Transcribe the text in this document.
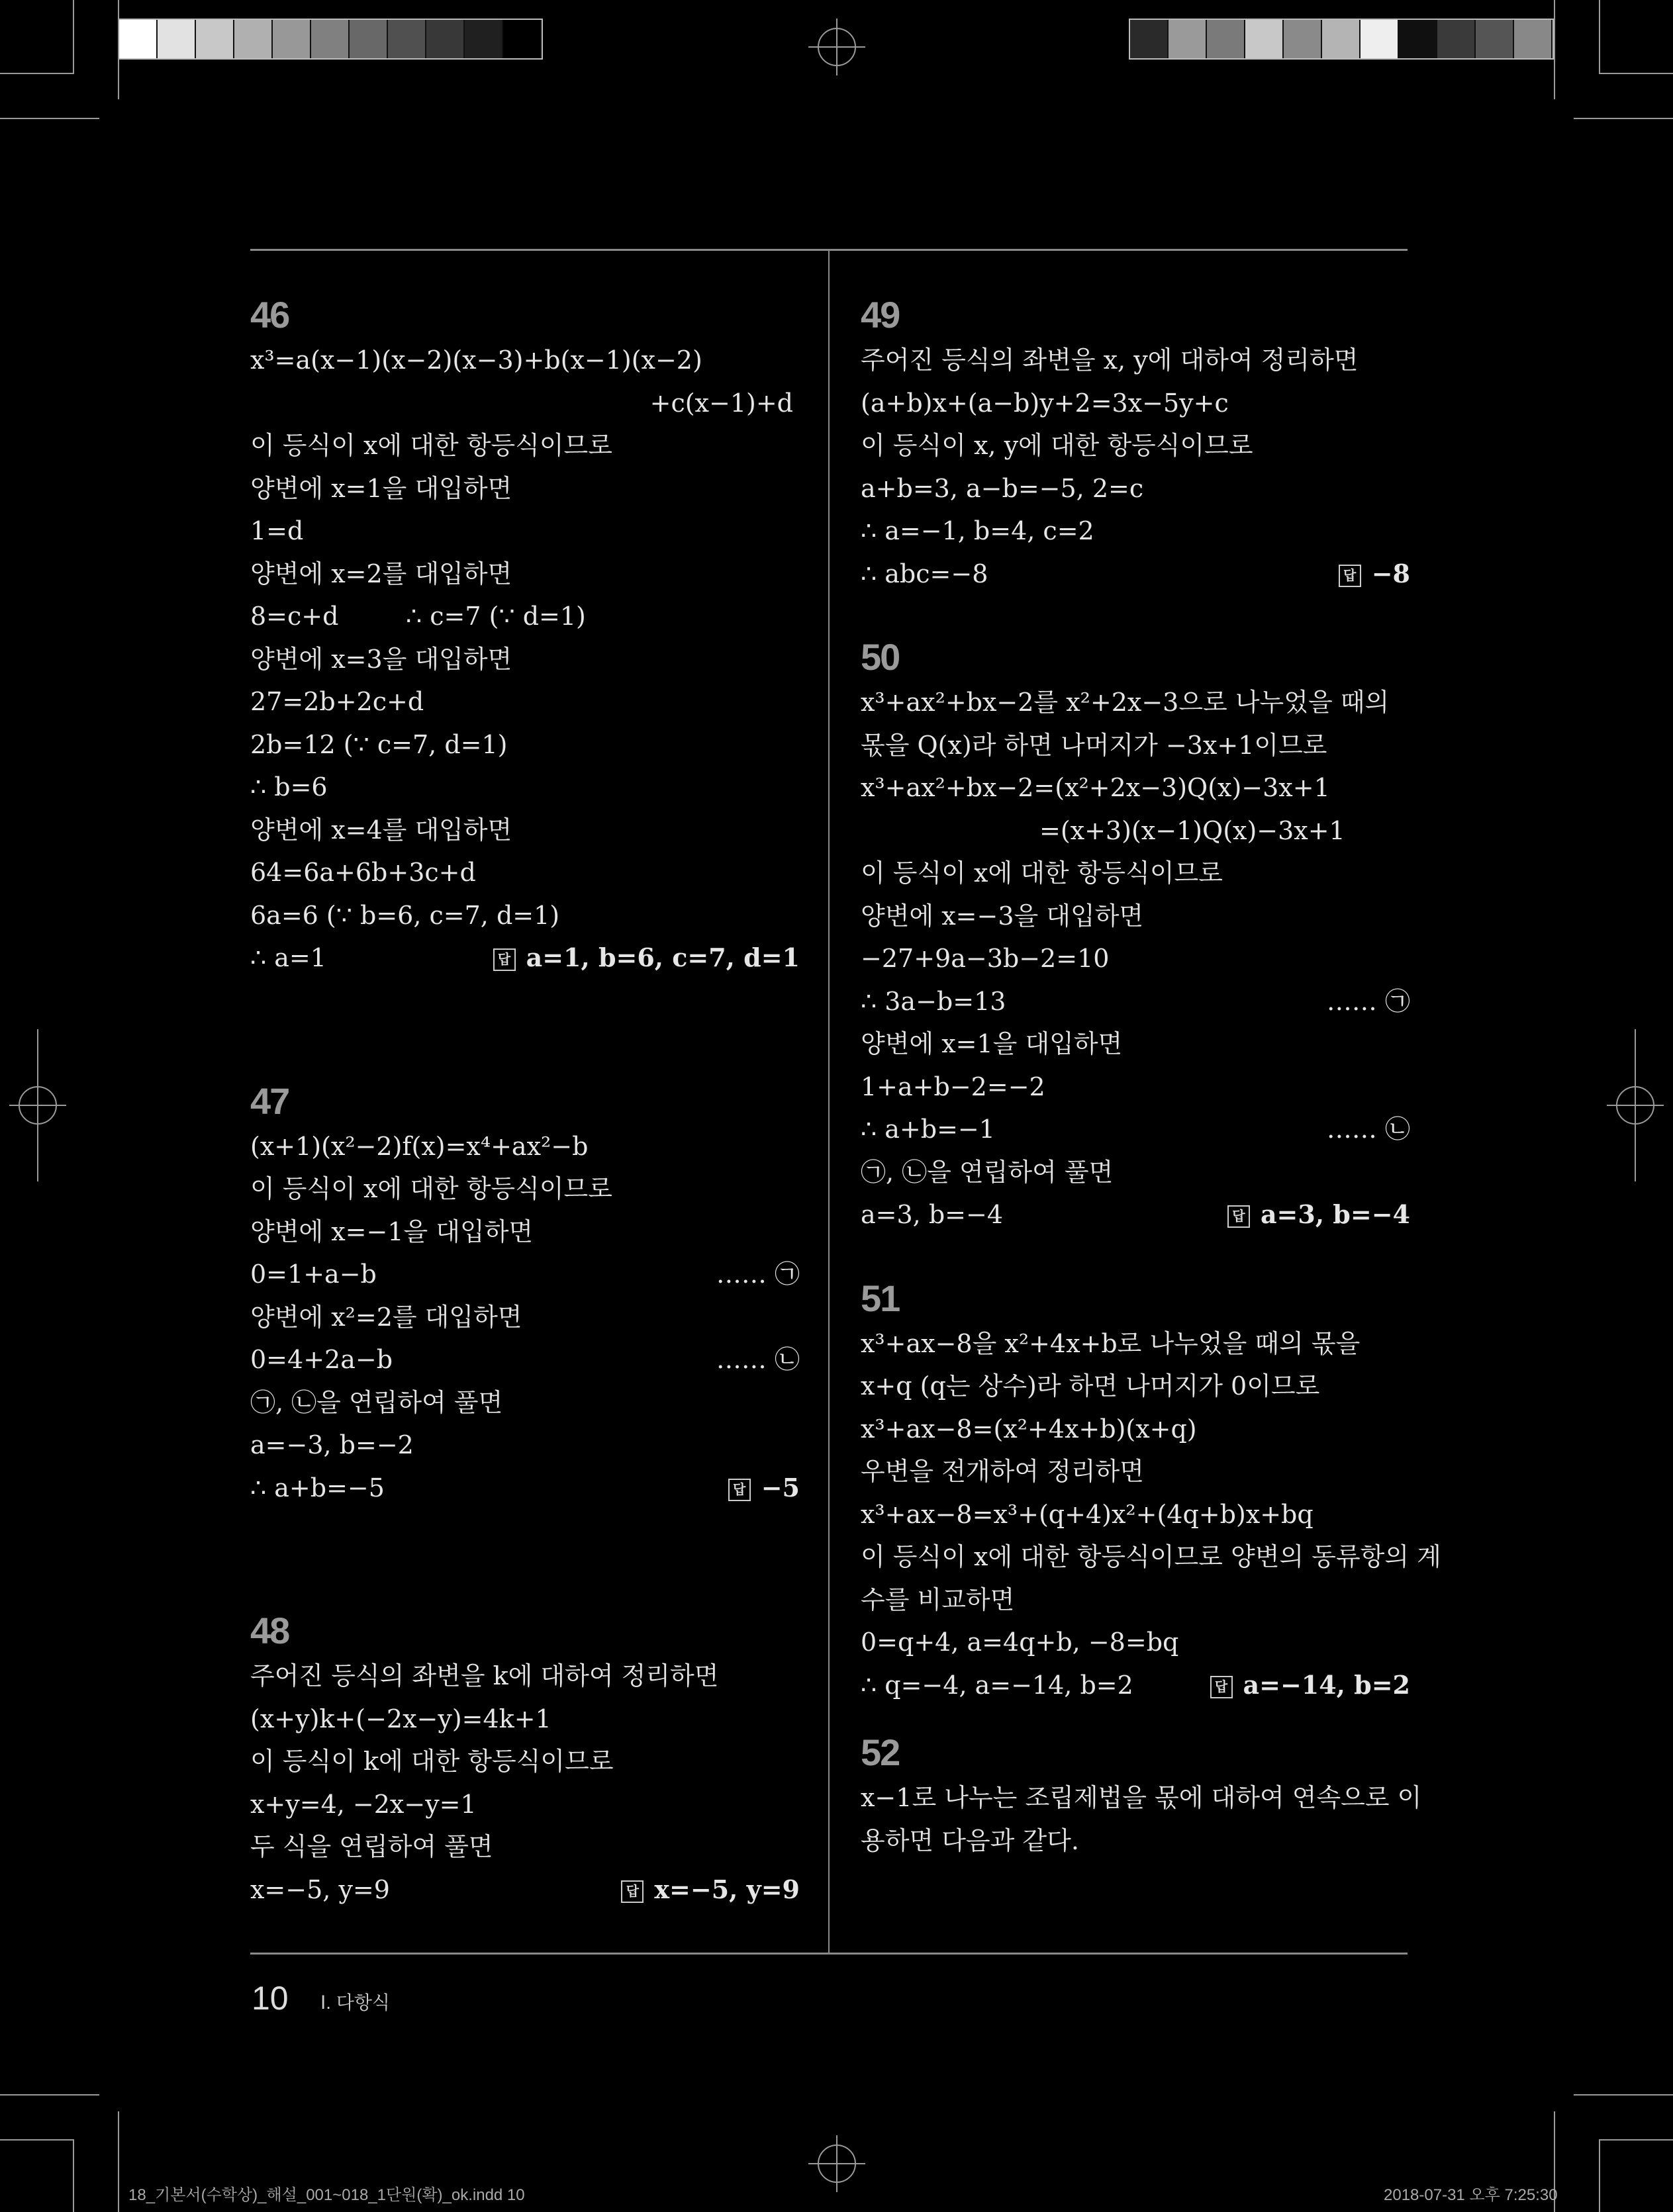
46
x³=a(x−1)(x−2)(x−3)+b(x−1)(x−2)
+c(x−1)+d
이 등식이 x에 대한 항등식이므로
양변에 x=1을 대입하면
1=d
양변에 x=2를 대입하면
8=c+d	∴ c=7 (∵ d=1)
양변에 x=3을 대입하면
27=2b+2c+d
2b=12 (∵ c=7, d=1)
∴ b=6
양변에 x=4를 대입하면
64=6a+6b+3c+d
6a=6 (∵ b=6, c=7, d=1)
∴ a=1	답 a=1, b=6, c=7, d=1
47
(x+1)(x²−2)f(x)=x⁴+ax²−b
이 등식이 x에 대한 항등식이므로
양변에 x=−1을 대입하면
0=1+a−b	…… ㉠
양변에 x²=2를 대입하면
0=4+2a−b	…… ㉡
㉠, ㉡을 연립하여 풀면
a=−3, b=−2
∴ a+b=−5	답 −5
48
주어진 등식의 좌변을 k에 대하여 정리하면
(x+y)k+(−2x−y)=4k+1
이 등식이 k에 대한 항등식이므로
x+y=4, −2x−y=1
두 식을 연립하여 풀면
x=−5, y=9	답 x=−5, y=9
49
주어진 등식의 좌변을 x, y에 대하여 정리하면
(a+b)x+(a−b)y+2=3x−5y+c
이 등식이 x, y에 대한 항등식이므로
a+b=3, a−b=−5, 2=c
∴ a=−1, b=4, c=2
∴ abc=−8	답 −8
50
x³+ax²+bx−2를 x²+2x−3으로 나누었을 때의
몫을 Q(x)라 하면 나머지가 −3x+1이므로
x³+ax²+bx−2=(x²+2x−3)Q(x)−3x+1
=(x+3)(x−1)Q(x)−3x+1
이 등식이 x에 대한 항등식이므로
양변에 x=−3을 대입하면
−27+9a−3b−2=10
∴ 3a−b=13	…… ㉠
양변에 x=1을 대입하면
1+a+b−2=−2
∴ a+b=−1	…… ㉡
㉠, ㉡을 연립하여 풀면
a=3, b=−4	답 a=3, b=−4
51
x³+ax−8을 x²+4x+b로 나누었을 때의 몫을
x+q (q는 상수)라 하면 나머지가 0이므로
x³+ax−8=(x²+4x+b)(x+q)
우변을 전개하여 정리하면
x³+ax−8=x³+(q+4)x²+(4q+b)x+bq
이 등식이 x에 대한 항등식이므로 양변의 동류항의 계
수를 비교하면
0=q+4, a=4q+b, −8=bq
∴ q=−4, a=−14, b=2	답 a=−14, b=2
52
x−1로 나누는 조립제법을 몫에 대하여 연속으로 이
용하면 다음과 같다.
10 Ⅰ. 다항식
18_기본서(수학상)_해설_001~018_1단원(확)_ok.indd 10	2018-07-31 오후 7:25:30
